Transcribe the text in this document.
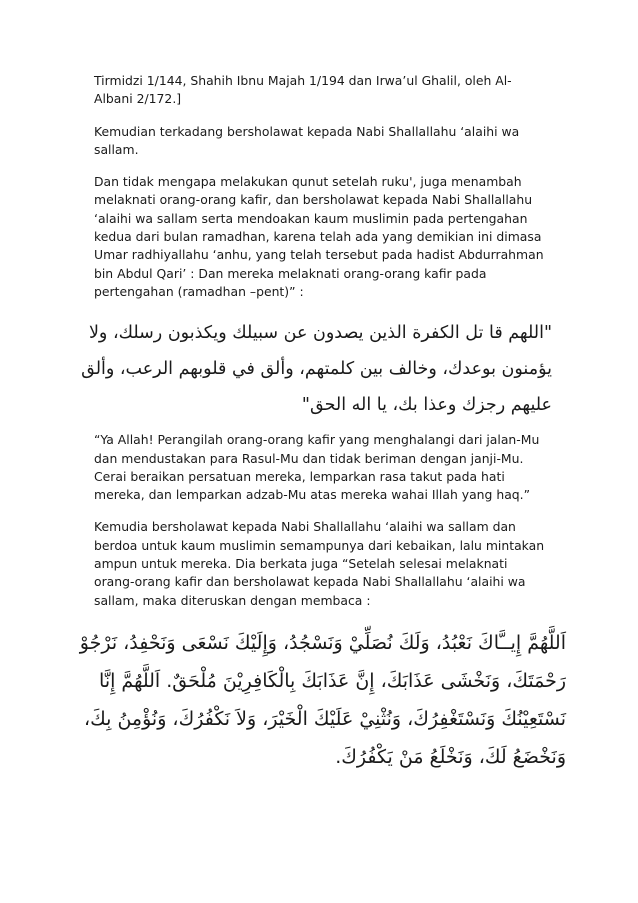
Tirmidzi 1/144, Shahih Ibnu Majah 1/194 dan Irwa’ul Ghalil, oleh Al- Albani 2/172.]

Kemudian terkadang bersholawat kepada Nabi Shallallahu ‘alaihi wa sallam.

Dan tidak mengapa melakukan qunut setelah ruku', juga menambah melaknati orang-orang kafir, dan bersholawat kepada Nabi Shallallahu ‘alaihi wa sallam serta mendoakan kaum muslimin pada pertengahan kedua dari bulan ramadhan, karena telah ada yang demikian ini dimasa Umar radhiyallahu ‘anhu, yang telah tersebut pada hadist Abdurrahman bin Abdul Qari’ : Dan mereka melaknati orang-orang kafir pada pertengahan (ramadhan –pent)” :

"اللهم قا تل الكفرة الذين يصدون عن سبيلك ويكذبون رسلك، ولا
يؤمنون بوعدك، وخالف بين كلمتهم، وألق في قلوبهم الرعب، وألق
عليهم رجزك وعذا بك، يا اله الحق"

“Ya Allah! Perangilah orang-orang kafir yang menghalangi dari jalan-Mu dan mendustakan para Rasul-Mu dan tidak beriman dengan janji-Mu. Cerai beraikan persatuan mereka, lemparkan rasa takut pada hati mereka, dan lemparkan adzab-Mu atas mereka wahai Illah yang haq.”

Kemudia bersholawat kepada Nabi Shallallahu ‘alaihi wa sallam dan berdoa untuk kaum muslimin semampunya dari kebaikan, lalu mintakan ampun untuk mereka. Dia berkata juga “Setelah selesai melaknati orang-orang kafir dan bersholawat kepada Nabi Shallallahu ‘alaihi wa sallam, maka diteruskan dengan membaca :

اَللَّهُمَّ إِيــَّاكَ نَعْبُدُ، وَلَكَ نُصَلِّيْ وَنَسْجُدُ، وَإِلَيْكَ نَسْعَى وَنَحْفِدُ، نَرْجُوْ
رَحْمَتَكَ، وَنَخْشَى عَذَابَكَ، إِنَّ عَذَابَكَ بِالْكَافِرِيْنَ مُلْحَقٌ. اَللَّهُمَّ إِنَّا
نَسْتَعِيْنُكَ وَنَسْتَغْفِرُكَ، وَنُثْنِيْ عَلَيْكَ الْخَيْرَ، وَلاَ نَكْفُرُكَ، وَنُؤْمِنُ بِكَ،
وَنَخْضَعُ لَكَ، وَنَخْلَعُ مَنْ يَكْفُرُكَ.
